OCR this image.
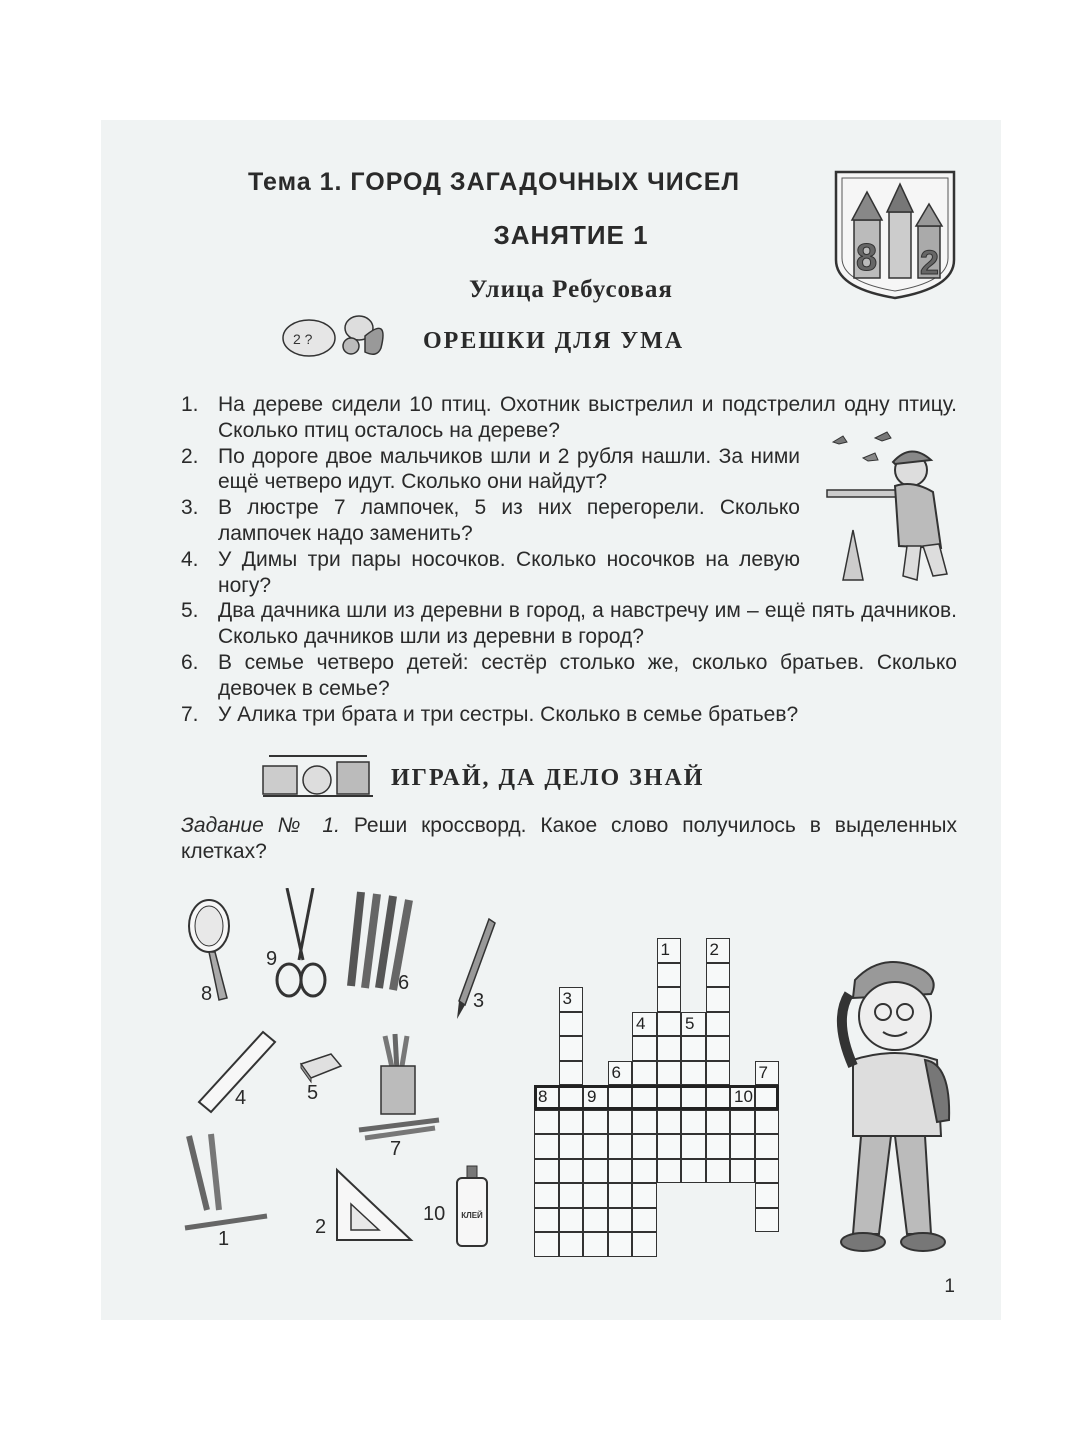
Тема 1. ГОРОД ЗАГАДОЧНЫХ ЧИСЕЛ
ЗАНЯТИЕ 1
Улица Ребусовая
8 2
2 ?	ОРЕШКИ ДЛЯ УМА
1. На дереве сидели 10 птиц. Охотник выстрелил и подстрелил одну птицу. Сколько птиц осталось на дереве?
2. По дороге двое мальчиков шли и 2 рубля нашли. За ними ещё четверо идут. Сколько они найдут?
3. В люстре 7 лампочек, 5 из них перегорели. Сколько лампочек надо заменить?
4. У Димы три пары носочков. Сколько носочков на левую ногу?
5. Два дачника шли из деревни в город, а навстречу им – ещё пять дачников. Сколько дачников шли из деревни в город?
6. В семье четверо детей: сестёр столько же, сколько братьев. Сколько девочек в семье?
7. У Алика три брата и три сестры. Сколько в семье братьев?
ИГРАЙ, ДА ДЕЛО ЗНАЙ
Задание № 1. Реши кроссворд. Какое слово получилось в выделенных клетках?
8
9
6
3
4	5
7
1
2
КЛЕЙ
10
8
3
9
6
4
1
5
2
10
7
1
